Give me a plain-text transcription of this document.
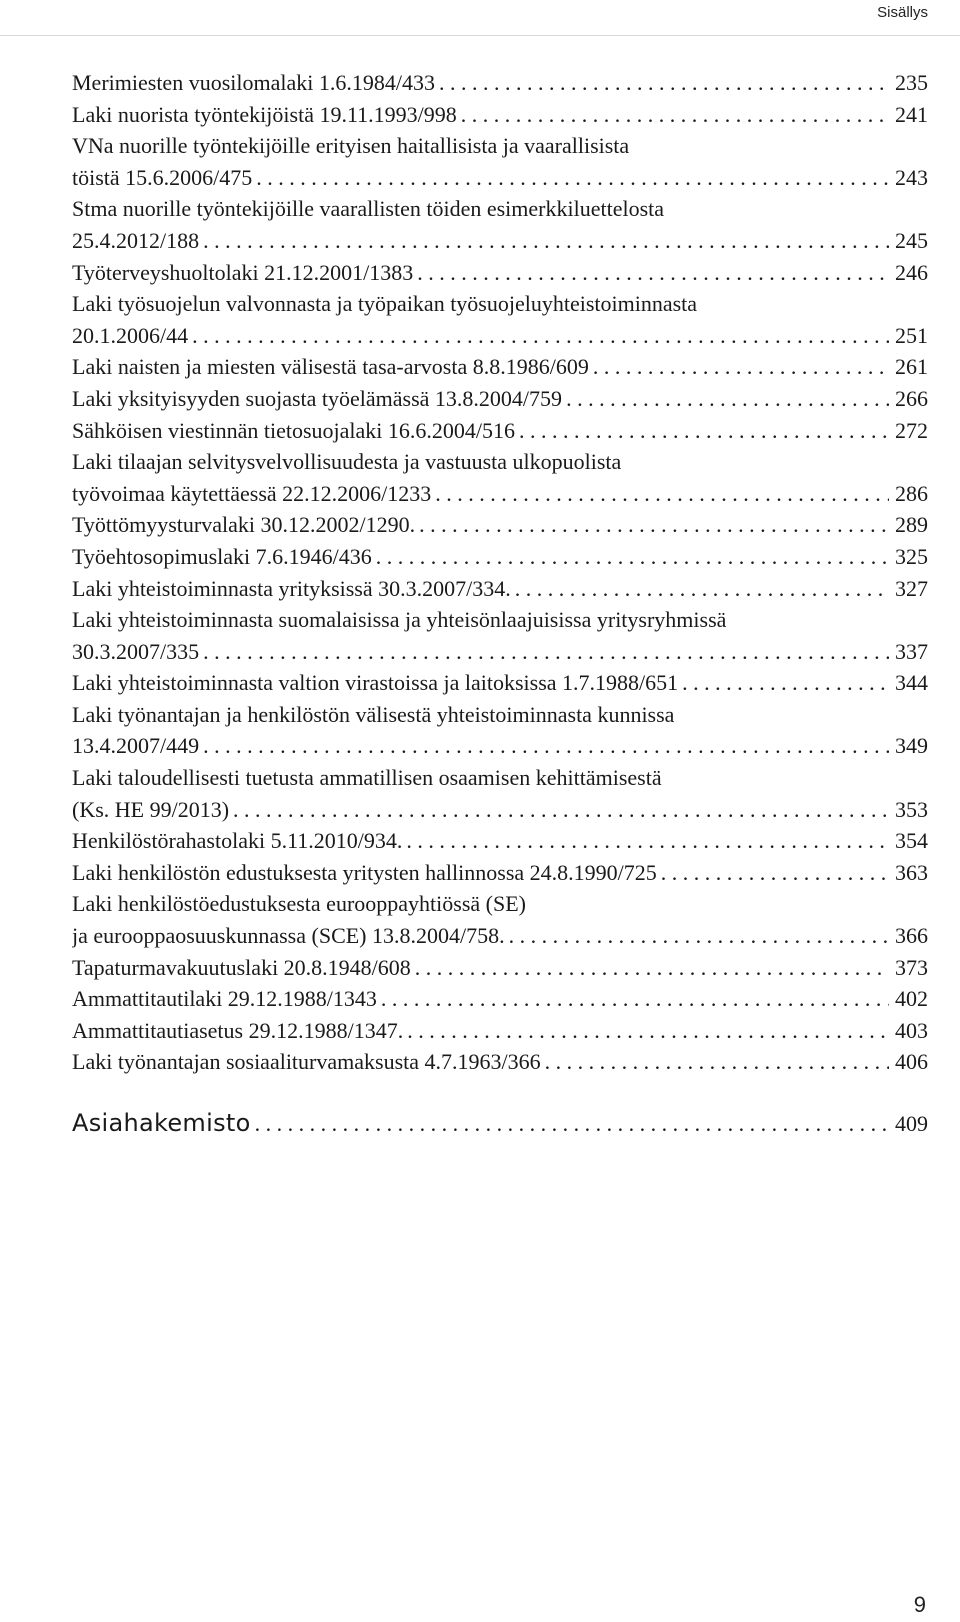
Sisällys
Merimiesten vuosilomalaki 1.6.1984/433 . . .	235
Laki nuorista työntekijöistä 19.11.1993/998 . . .	241
VNa nuorille työntekijöille erityisen haitallisista ja vaarallisista
töistä 15.6.2006/475 . . .	243
Stma nuorille työntekijöille vaarallisten töiden esimerkkiluettelosta
25.4.2012/188 . . .	245
Työterveyshuoltolaki 21.12.2001/1383 . . .	246
Laki työsuojelun valvonnasta ja työpaikan työsuojeluyhteistoiminnasta
20.1.2006/44 . . .	251
Laki naisten ja miesten välisestä tasa-arvosta 8.8.1986/609 . . .	261
Laki yksityisyyden suojasta työelämässä 13.8.2004/759 . . .	266
Sähköisen viestinnän tietosuojalaki 16.6.2004/516 . . .	272
Laki tilaajan selvitysvelvollisuudesta ja vastuusta ulkopuolista
työvoimaa käytettäessä 22.12.2006/1233 . . .	286
Työttömyysturvalaki 30.12.2002/1290. . . .	289
Työehtosopimuslaki 7.6.1946/436 . . .	325
Laki yhteistoiminnasta yrityksissä 30.3.2007/334. . . .	327
Laki yhteistoiminnasta suomalaisissa ja yhteisönlaajuisissa yritysryhmissä
30.3.2007/335 . . .	337
Laki yhteistoiminnasta valtion virastoissa ja laitoksissa 1.7.1988/651 . . .	344
Laki työnantajan ja henkilöstön välisestä yhteistoiminnasta kunnissa
13.4.2007/449 . . .	349
Laki taloudellisesti tuetusta ammatillisen osaamisen kehittämisestä
(Ks. HE 99/2013) . . .	353
Henkilöstörahastolaki 5.11.2010/934. . . .	354
Laki henkilöstön edustuksesta yritysten hallinnossa 24.8.1990/725 . . .	363
Laki henkilöstöedustuksesta eurooppayhtiössä (SE)
ja eurooppaosuuskunnassa (SCE) 13.8.2004/758. . . .	366
Tapaturmavakuutuslaki 20.8.1948/608 . . .	373
Ammattitautilaki 29.12.1988/1343 . . .	402
Ammattitautiasetus 29.12.1988/1347. . . .	403
Laki työnantajan sosiaaliturvamaksusta 4.7.1963/366 . . .	406
Asiahakemisto . . .	409
9
